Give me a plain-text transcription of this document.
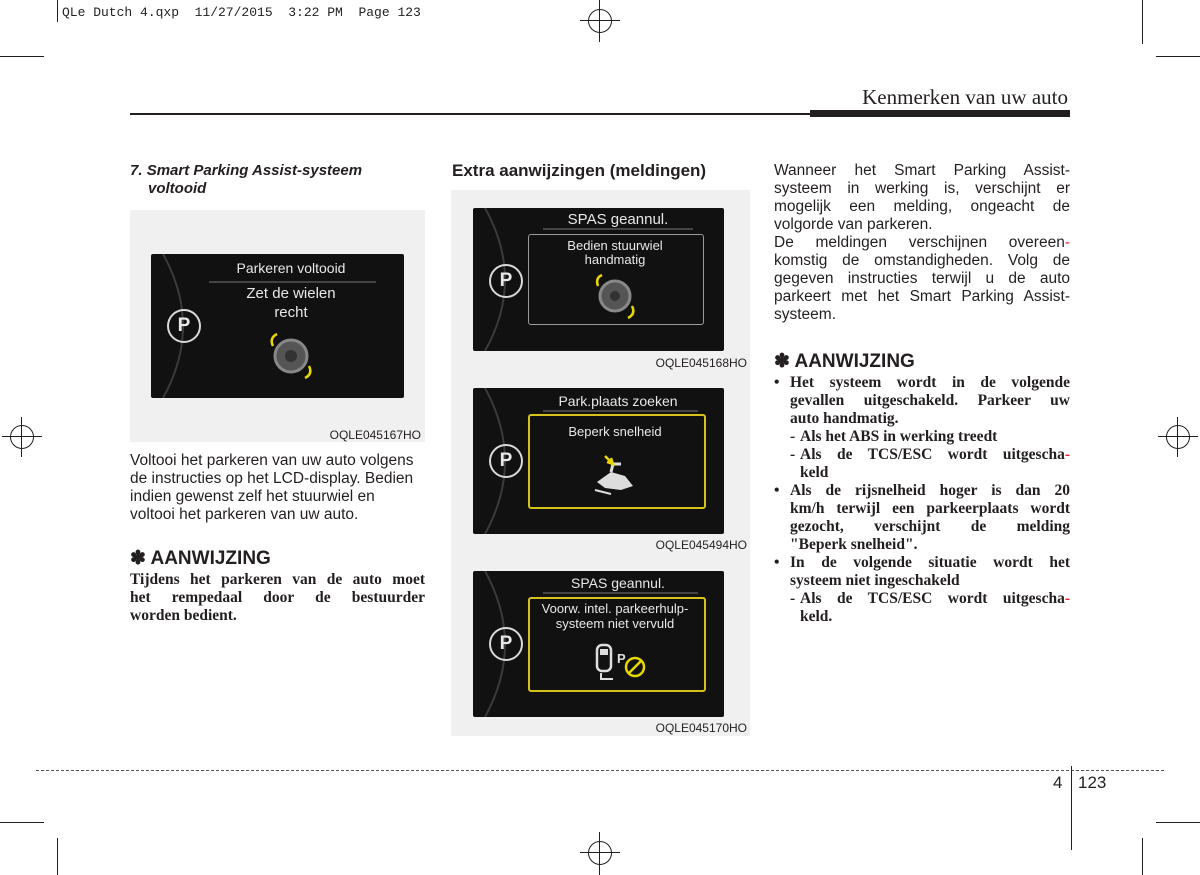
QLe Dutch 4.qxp  11/27/2015  3:22 PM  Page 123
Kenmerken van uw auto
7. Smart Parking Assist-systeem
voltooid
P
Parkeren voltooid
Zet de wielen
recht
OQLE045167HO
Voltooi het parkeren van uw auto volgens
de instructies op het LCD-display. Bedien
indien gewenst zelf het stuurwiel en
voltooi het parkeren van uw auto.
✽ AANWIJZING
Tijdens het parkeren van de auto moet
het rempedaal door de bestuurder
worden bedient.
Extra aanwijzingen (meldingen)
P
SPAS geannul.
Bedien stuurwiel
handmatig
OQLE045168HO
P
Park.plaats zoeken
Beperk snelheid
OQLE045494HO
P
SPAS geannul.
Voorw. intel. parkeerhulp-
systeem niet vervuld
P
OQLE045170HO
Wanneer het Smart Parking Assist-
systeem in werking is, verschijnt er
mogelijk een melding, ongeacht de
volgorde van parkeren.
De meldingen verschijnen overeen-
komstig de omstandigheden. Volg de
gegeven instructies terwijl u de auto
parkeert met het Smart Parking Assist-
systeem.
✽ AANWIJZING
• Het systeem wordt in de volgende
gevallen uitgeschakeld. Parkeer uw
auto handmatig.
- Als het ABS in werking treedt
- Als de TCS/ESC wordt uitgescha-
keld
• Als de rijsnelheid hoger is dan 20
km/h terwijl een parkeerplaats wordt
gezocht, verschijnt de melding
"Beperk snelheid".
• In de volgende situatie wordt het
systeem niet ingeschakeld
- Als de TCS/ESC wordt uitgescha-
keld.
4 123
